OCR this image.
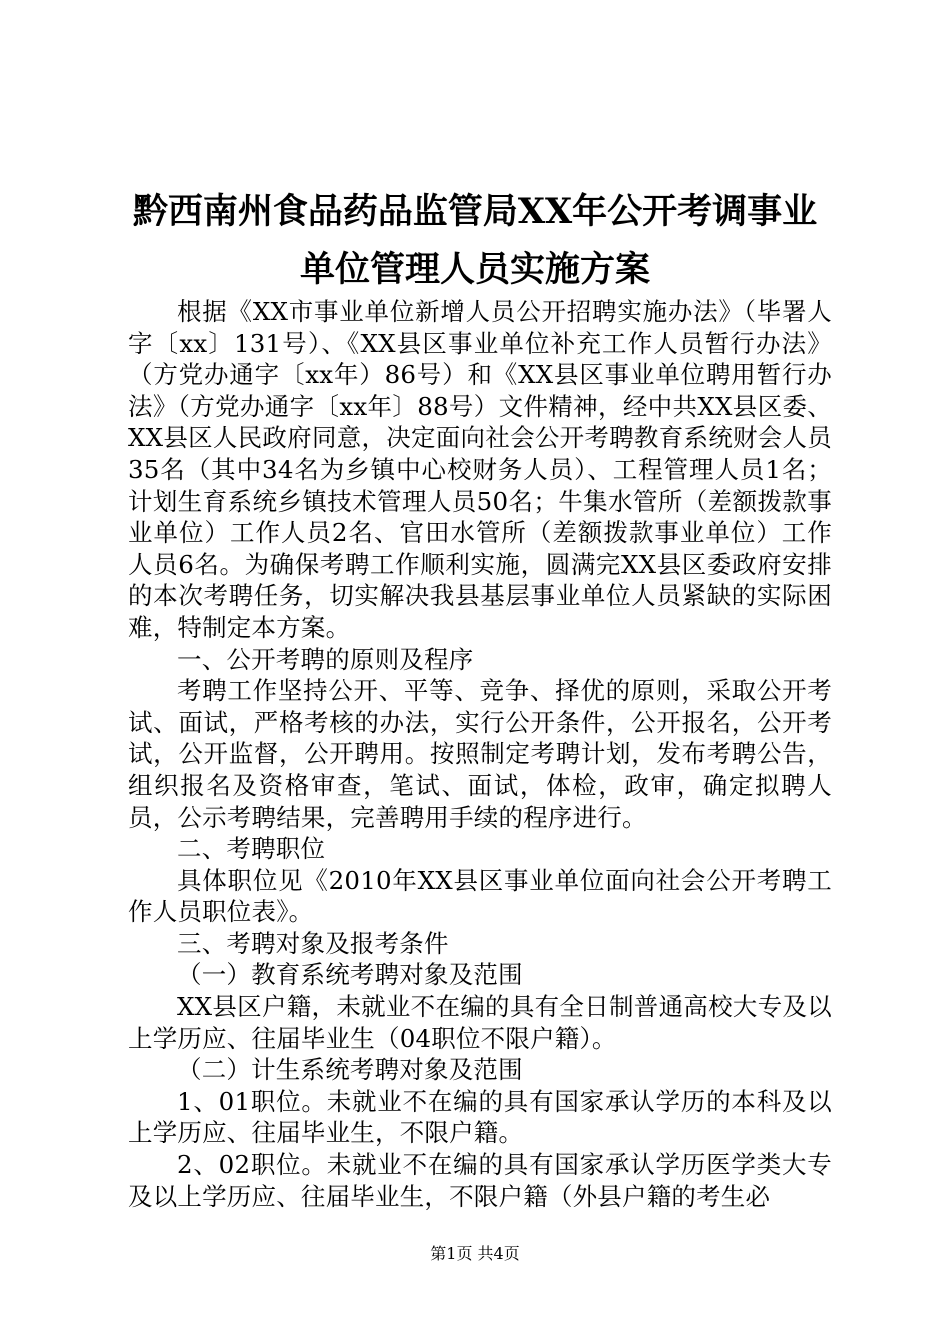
黔西南州食品药品监管局XX年公开考调事业
单位管理人员实施方案

根据《XX市事业单位新增人员公开招聘实施办法》（毕署人字〔xx〕131号）、《XX县区事业单位补充工作人员暂行办法》（方党办通字〔xx年）86号）和《XX县区事业单位聘用暂行办法》（方党办通字〔xx年〕88号）文件精神，经中共XX县区委、XX县区人民政府同意，决定面向社会公开考聘教育系统财会人员35名（其中34名为乡镇中心校财务人员）、工程管理人员1名；计划生育系统乡镇技术管理人员50名；牛集水管所（差额拨款事业单位）工作人员2名、官田水管所（差额拨款事业单位）工作人员6名。为确保考聘工作顺利实施，圆满完XX县区委政府安排的本次考聘任务，切实解决我县基层事业单位人员紧缺的实际困难，特制定本方案。

一、公开考聘的原则及程序

考聘工作坚持公开、平等、竞争、择优的原则，采取公开考试、面试，严格考核的办法，实行公开条件，公开报名，公开考试，公开监督，公开聘用。按照制定考聘计划，发布考聘公告，组织报名及资格审查，笔试、面试，体检，政审，确定拟聘人员，公示考聘结果，完善聘用手续的程序进行。

二、考聘职位

具体职位见《2010年XX县区事业单位面向社会公开考聘工作人员职位表》。

三、考聘对象及报考条件

（一）教育系统考聘对象及范围

XX县区户籍，未就业不在编的具有全日制普通高校大专及以上学历应、往届毕业生（04职位不限户籍）。

（二）计生系统考聘对象及范围

1、01职位。未就业不在编的具有国家承认学历的本科及以上学历应、往届毕业生，不限户籍。

2、02职位。未就业不在编的具有国家承认学历医学类大专及以上学历应、往届毕业生，不限户籍（外县户籍的考生必

第1页 共4页
